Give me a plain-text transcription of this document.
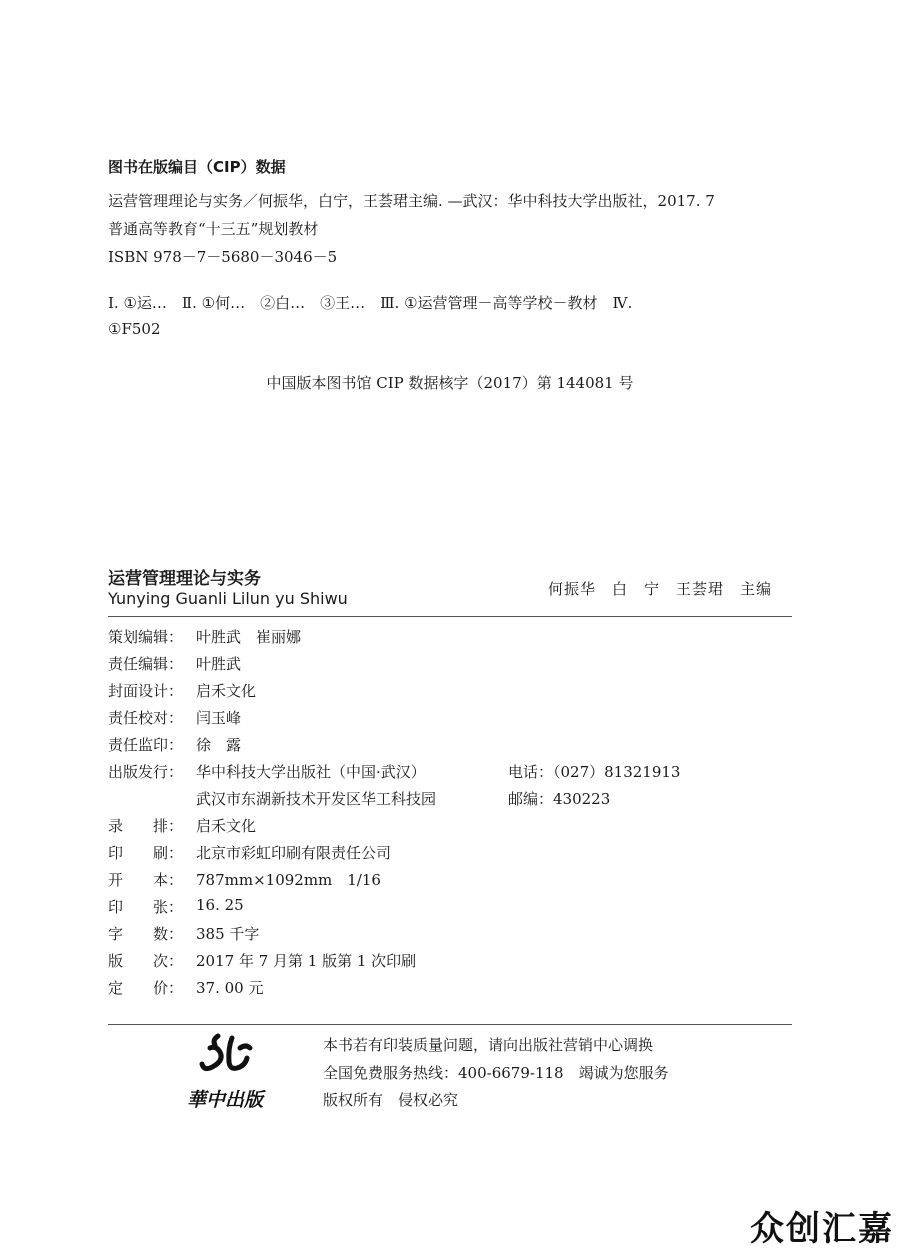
图书在版编目（CIP）数据
运营管理理论与实务／何振华，白宁，王荟珺主编. —武汉：华中科技大学出版社，2017. 7
普通高等教育“十三五”规划教材
ISBN 978－7－5680－3046－5
Ⅰ. ①运…　Ⅱ. ①何…　②白…　③王…　Ⅲ. ①运营管理－高等学校－教材　Ⅳ.
①F502
中国版本图书馆 CIP 数据核字（2017）第 144081 号
运营管理理论与实务
Yunying Guanli Lilun yu Shiwu	何振华　白　宁　王荟珺　主编
策划编辑： 叶胜武　崔丽娜
责任编辑： 叶胜武
封面设计： 启禾文化
责任校对： 闫玉峰
责任监印： 徐　露
出版发行： 华中科技大学出版社（中国·武汉）	电话：（027）81321913
武汉市东湖新技术开发区华工科技园	邮编：430223
录　　排： 启禾文化
印　　刷： 北京市彩虹印刷有限责任公司
开　　本： 787mm×1092mm　1/16
印　　张： 16. 25
字　　数： 385 千字
版　　次： 2017 年 7 月第 1 版第 1 次印刷
定　　价： 37. 00 元
華中出版
本书若有印装质量问题，请向出版社营销中心调换
全国免费服务热线：400-6679-118　竭诚为您服务
版权所有　侵权必究
众创汇嘉
